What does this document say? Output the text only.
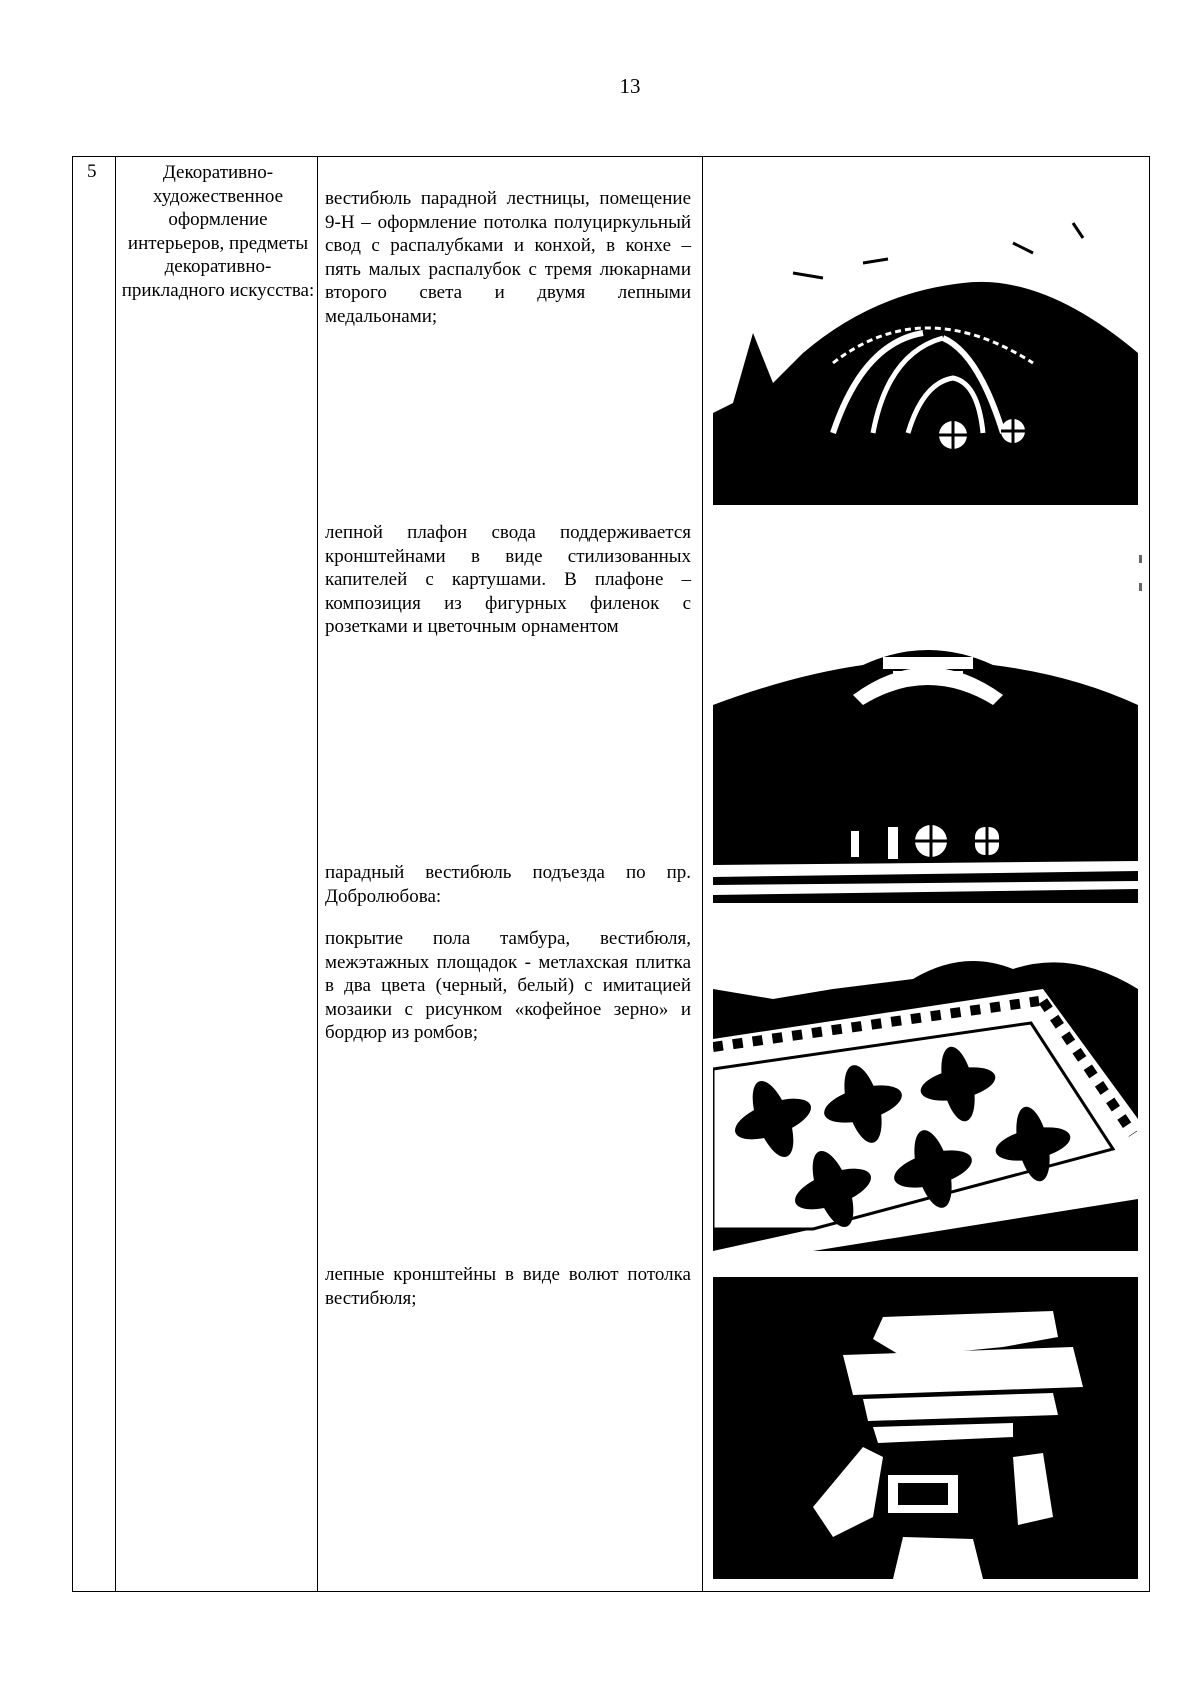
13
5	Декоративно-художественное оформление интерьеров, предметы декоративно-прикладного искусства:
вестибюль парадной лестницы, помещение 9-Н – оформление потолка полуциркульный свод с распалубками и конхой, в конхе – пять малых распалубок с тремя люкарнами второго света и двумя лепными медальонами;
лепной плафон свода поддерживается кронштейнами в виде стилизованных капителей с картушами. В плафоне – композиция из фигурных филенок с розетками и цветочным орнаментом
парадный вестибюль подъезда по пр. Добролюбова:
покрытие пола тамбура, вестибюля, межэтажных площадок - метлахская плитка в два цвета (черный, белый) с имитацией мозаики с рисунком «кофейное зерно» и бордюр из ромбов;
лепные кронштейны в виде волют потолка вестибюля;
